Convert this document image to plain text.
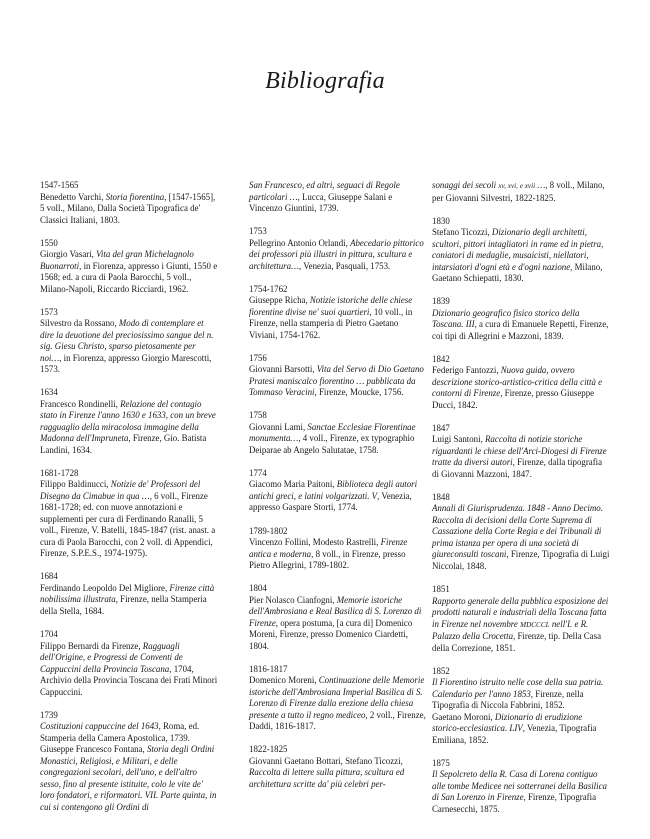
Bibliografia
1547-1565
Benedetto Varchi, Storia fiorentina, [1547-1565], 5 voll., Milano, Dalla Società Tipografica de' Classici Italiani, 1803.
1550
Giorgio Vasari, Vita del gran Michelagnolo Buonarroti, in Fiorenza, appresso i Giunti, 1550 e 1568; ed. a cura di Paola Barocchi, 5 voll., Milano-Napoli, Riccardo Ricciardi, 1962.
1573
Silvestro da Rossano, Modo di contemplare et dire la deuotione del preciosissimo sangue del n. sig. Giesu Christo, sparso pietosamente per noi…, in Fiorenza, appresso Giorgio Marescotti, 1573.
1634
Francesco Rondinelli, Relazione del contagio stato in Firenze l'anno 1630 e 1633, con un breve ragguaglio della miracolosa immagine della Madonna dell'Impruneta, Firenze, Gio. Batista Landini, 1634.
1681-1728
Filippo Baldinucci, Notizie de' Professori del Disegno da Cimabue in qua …, 6 voll., Firenze 1681-1728; ed. con nuove annotazioni e supplementi per cura di Ferdinando Ranalli, 5 voll., Firenze, V. Batelli, 1845-1847 (rist. anast. a cura di Paola Barocchi, con 2 voll. di Appendici, Firenze, S.P.E.S., 1974-1975).
1684
Ferdinando Leopoldo Del Migliore, Firenze città nobilissima illustrata, Firenze, nella Stamperia della Stella, 1684.
1704
Filippo Bernardi da Firenze, Ragguagli dell'Origine, e Progressi de Conventi de Cappuccini della Provincia Toscana, 1704, Archivio della Provincia Toscana dei Frati Minori Cappuccini.
1739
Costituzioni cappuccine del 1643, Roma, ed. Stamperia della Camera Apostolica, 1739.
Giuseppe Francesco Fontana, Storia degli Ordini Monastici, Religiosi, e Militari, e delle congregazioni secolari, dell'uno, e dell'altro sesso, fino al presente istituite, colo le vite de' loro fondatori, e riformatori. VII. Parte quinta, in cui si contengono gli Ordini di
San Francesco, ed altri, seguaci di Regole particolari …, Lucca, Giuseppe Salani e Vincenzo Giuntini, 1739.
1753
Pellegrino Antonio Orlandi, Abecedario pittorico dei professori più illustri in pittura, scultura e architettura…, Venezia, Pasquali, 1753.
1754-1762
Giuseppe Richa, Notizie istoriche delle chiese fiorentine divise ne' suoi quartieri, 10 voll., in Firenze, nella stamperia di Pietro Gaetano Viviani, 1754-1762.
1756
Giovanni Barsotti, Vita del Servo di Dio Gaetano Pratesi maniscalco fiorentino … pubblicata da Tommaso Veracini, Firenze, Moucke, 1756.
1758
Giovanni Lami, Sanctae Ecclesiae Florentinae monumenta…, 4 voll., Firenze, ex typographio Deiparae ab Angelo Salutatae, 1758.
1774
Giacomo Maria Paitoni, Biblioteca degli autori antichi greci, e latini volgarizzati. V, Venezia, appresso Gaspare Storti, 1774.
1789-1802
Vincenzo Follini, Modesto Rastrelli, Firenze antica e moderna, 8 voll., in Firenze, presso Pietro Allegrini, 1789-1802.
1804
Pier Nolasco Cianfogni, Memorie istoriche dell'Ambrosiana e Real Basilica di S. Lorenzo di Firenze, opera postuma, [a cura di] Domenico Moreni, Firenze, presso Domenico Ciardetti, 1804.
1816-1817
Domenico Moreni, Continuazione delle Memorie istoriche dell'Ambrosiana Imperial Basilica di S. Lorenzo di Firenze dalla erezione della chiesa presente a tutto il regno mediceo, 2 voll., Firenze, Daddi, 1816-1817.
1822-1825
Giovanni Gaetano Bottari, Stefano Ticozzi, Raccolta di lettere sulla pittura, scultura ed architettura scritte da' più celebri per-
sonaggi dei secoli xv, xvi, e xvii …, 8 voll., Milano, per Giovanni Silvestri, 1822-1825.
1830
Stefano Ticozzi, Dizionario degli architetti, scultori, pittori intagliatori in rame ed in pietra, coniatori di medaglie, musaicisti, niellatori, intarsiatori d'ogni età e d'ogni nazione, Milano, Gaetano Schiepatti, 1830.
1839
Dizionario geografico fisico storico della Toscana. III, a cura di Emanuele Repetti, Firenze, coi tipi di Allegrini e Mazzoni, 1839.
1842
Federigo Fantozzi, Nuova guida, ovvero descrizione storico-artistico-critica della città e contorni di Firenze, Firenze, presso Giuseppe Ducci, 1842.
1847
Luigi Santoni, Raccolta di notizie storiche riguardanti le chiese dell'Arci-Diogesi di Firenze tratte da diversi autori, Firenze, dalla tipografia di Giovanni Mazzoni, 1847.
1848
Annali di Giurisprudenza. 1848 - Anno Decimo. Raccolta di decisioni della Corte Suprema di Cassazione della Corte Regia e dei Tribunali di prima istanza per opera di una società di giureconsulti toscani, Firenze, Tipografia di Luigi Niccolai, 1848.
1851
Rapporto generale della pubblica esposizione dei prodotti naturali e industriali della Toscana fatta in Firenze nel novembre MDCCCL nell'I. e R. Palazzo della Crocetta, Firenze, tip. Della Casa della Correzione, 1851.
1852
Il Fiorentino istruito nelle cose della sua patria. Calendario per l'anno 1853, Firenze, nella Tipografia di Niccola Fabbrini, 1852.
Gaetano Moroni, Dizionario di erudizione storico-ecclesiastica. LIV, Venezia, Tipografia Emiliana, 1852.
1875
Il Sepolcreto della R. Casa di Lorena contiguo alle tombe Medicee nei sotterranei della Basilica di San Lorenzo in Firenze, Firenze, Tipografia Carnesecchi, 1875.
